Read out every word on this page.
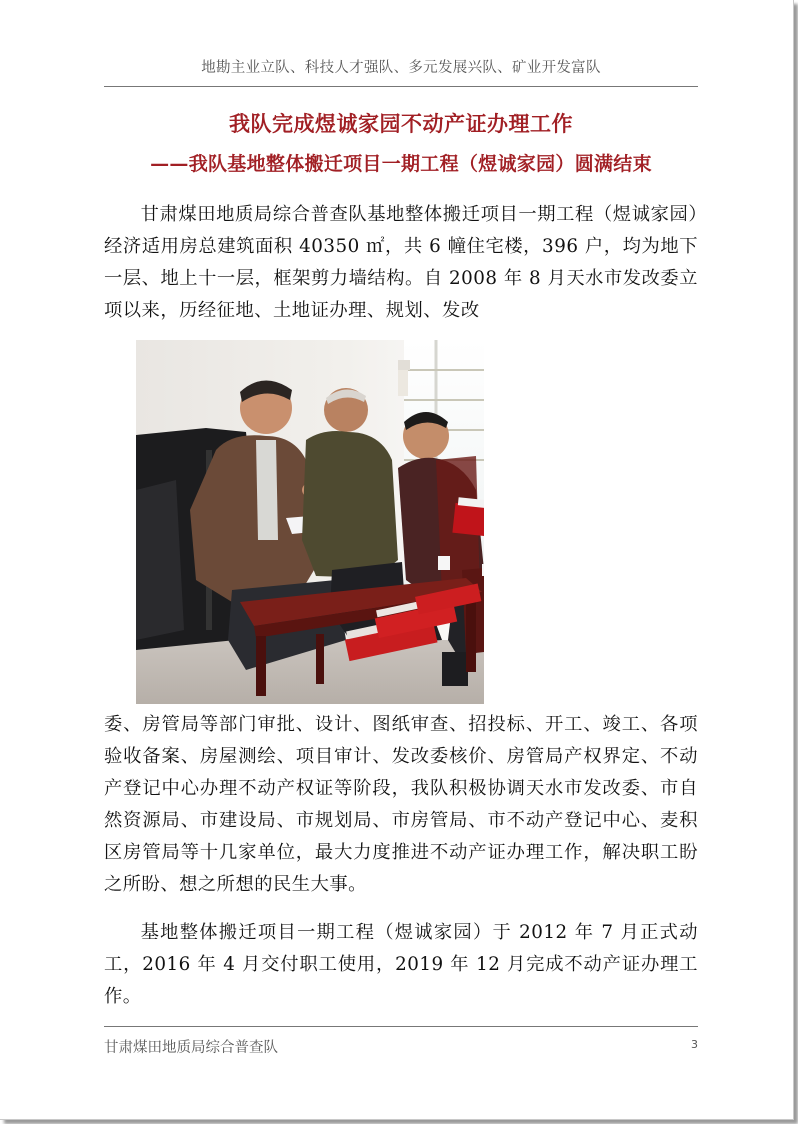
地勘主业立队、科技人才强队、多元发展兴队、矿业开发富队
我队完成煜诚家园不动产证办理工作
——我队基地整体搬迁项目一期工程（煜诚家园）圆满结束
甘肃煤田地质局综合普查队基地整体搬迁项目一期工程（煜诚家园）经济适用房总建筑面积 40350 ㎡，共 6 幢住宅楼，396 户，均为地下一层、地上十一层，框架剪力墙结构。自 2008 年 8 月天水市发改委立项以来，历经征地、土地证办理、规划、发改
委、房管局等部门审批、设计、图纸审查、招投标、开工、竣工、各项验收备案、房屋测绘、项目审计、发改委核价、房管局产权界定、不动产登记中心办理不动产权证等阶段，我队积极协调天水市发改委、市自然资源局、市建设局、市规划局、市房管局、市不动产登记中心、麦积区房管局等十几家单位，最大力度推进不动产证办理工作，解决职工盼之所盼、想之所想的民生大事。
基地整体搬迁项目一期工程（煜诚家园）于 2012 年 7 月正式动工，2016 年 4 月交付职工使用，2019 年 12 月完成不动产证办理工作。
甘肃煤田地质局综合普查队	3
